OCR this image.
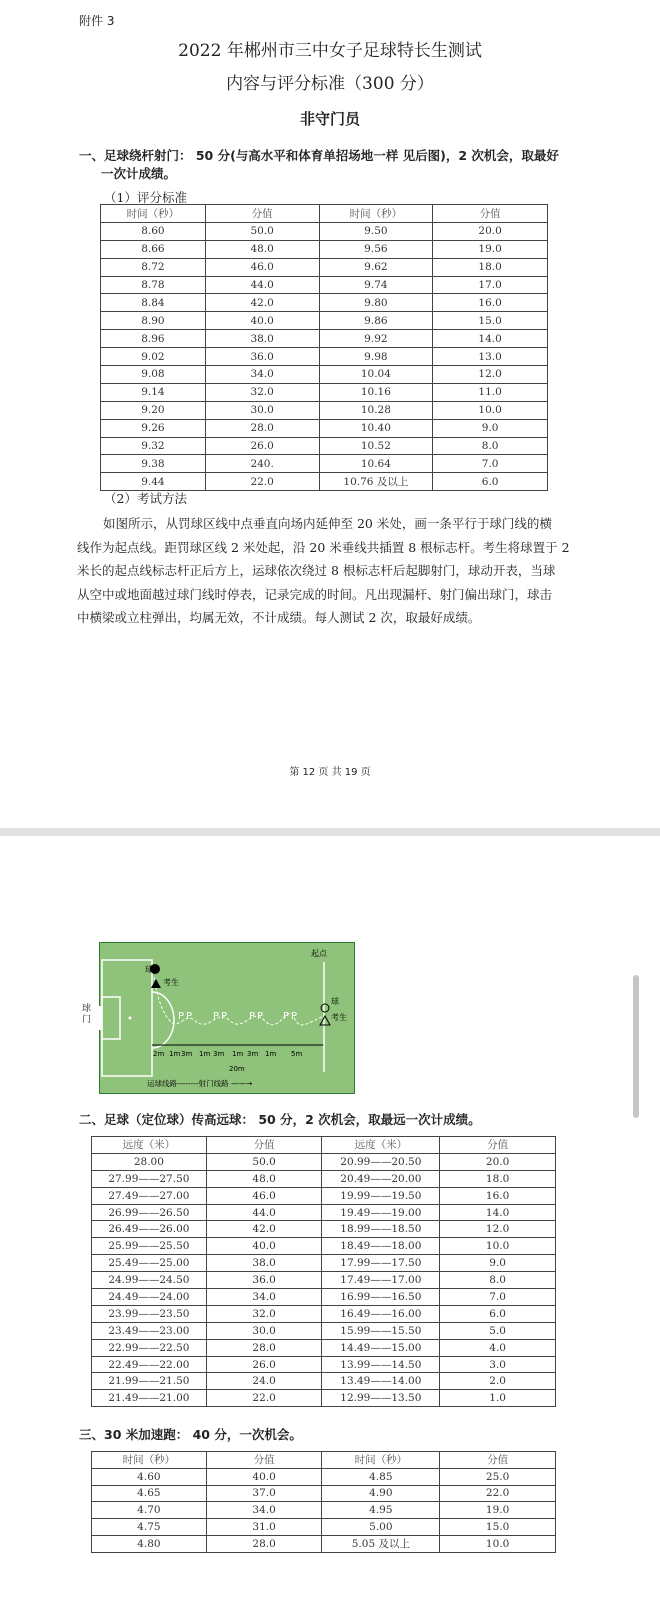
附件 3
2022 年郴州市三中女子足球特长生测试
内容与评分标准（300 分）
非守门员
一、足球绕杆射门： 50 分(与高水平和体育单招场地一样 见后图)，2 次机会，取最好
一次计成绩。
（1）评分标准
时间（秒）	分值	时间（秒）	分值
8.60	50.0	9.50	20.0
8.66	48.0	9.56	19.0
8.72	46.0	9.62	18.0
8.78	44.0	9.74	17.0
8.84	42.0	9.80	16.0
8.90	40.0	9.86	15.0
8.96	38.0	9.92	14.0
9.02	36.0	9.98	13.0
9.08	34.0	10.04	12.0
9.14	32.0	10.16	11.0
9.20	30.0	10.28	10.0
9.26	28.0	10.40	9.0
9.32	26.0	10.52	8.0
9.38	240.	10.64	7.0
9.44	22.0	10.76 及以上	6.0
（2）考试方法

如图所示，从罚球区线中点垂直向场内延伸至 20 米处，画一条平行于球门线的横

线作为起点线。距罚球区线 2 米处起，沿 20 米垂线共插置 8 根标志杆。考生将球置于 2

米长的起点线标志杆正后方上，运球依次绕过 8 根标志杆后起脚射门，球动开表，当球

从空中或地面越过球门线时停表，记录完成的时间。凡出现漏杆、射门偏出球门，球击

中横梁或立柱弹出，均属无效，不计成绩。每人测试 2 次，取最好成绩。

第 12 页 共 19 页
P P P P P P P P
球
考生
起点
球
考生
2m 1m 3m 1m 3m 1m 3m 1m 5m
20m
运球线路--------射门线路 ——→
球门
二、足球（定位球）传高远球： 50 分，2 次机会，取最远一次计成绩。
远度（米）	分值	远度（米）	分值
28.00	50.0	20.99——20.50	20.0
27.99——27.50	48.0	20.49——20.00	18.0
27.49——27.00	46.0	19.99——19.50	16.0
26.99——26.50	44.0	19.49——19.00	14.0
26.49——26.00	42.0	18.99——18.50	12.0
25.99——25.50	40.0	18.49——18.00	10.0
25.49——25.00	38.0	17.99——17.50	9.0
24.99——24.50	36.0	17.49——17.00	8.0
24.49——24.00	34.0	16.99——16.50	7.0
23.99——23.50	32.0	16.49——16.00	6.0
23.49——23.00	30.0	15.99——15.50	5.0
22.99——22.50	28.0	14.49——15.00	4.0
22.49——22.00	26.0	13.99——14.50	3.0
21.99——21.50	24.0	13.49——14.00	2.0
21.49——21.00	22.0	12.99——13.50	1.0
三、30 米加速跑： 40 分，一次机会。
时间（秒）	分值	时间（秒）	分值
4.60	40.0	4.85	25.0
4.65	37.0	4.90	22.0
4.70	34.0	4.95	19.0
4.75	31.0	5.00	15.0
4.80	28.0	5.05 及以上	10.0
